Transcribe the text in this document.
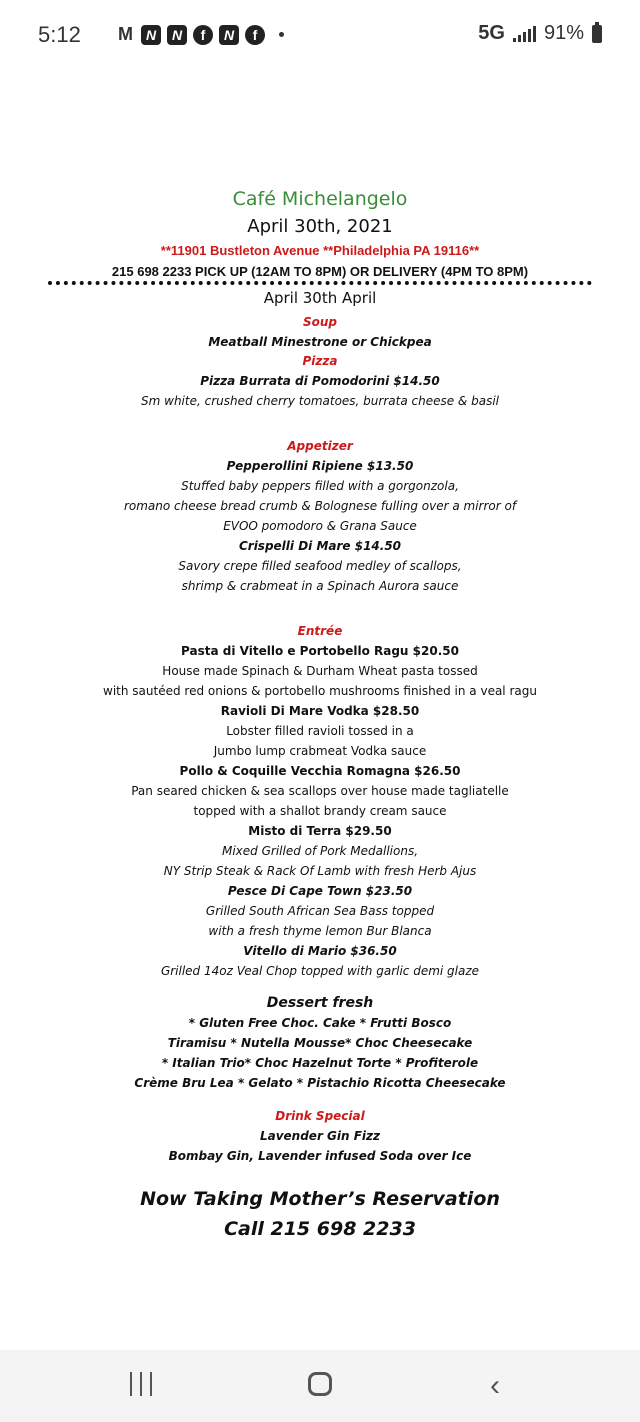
5:12 M N	N	f	N	f	5G 91%
Café Michelangelo
April 30th, 2021
**11901 Bustleton Avenue **Philadelphia PA 19116**
215 698 2233 PICK UP (12AM TO 8PM) OR DELIVERY (4PM TO 8PM)
April 30th April
Soup
Meatball Minestrone or Chickpea
Pizza
Pizza Burrata di Pomodorini $14.50
Sm white, crushed cherry tomatoes, burrata cheese & basil
Appetizer
Pepperollini Ripiene $13.50
Stuffed baby peppers filled with a gorgonzola,
romano cheese bread crumb & Bolognese fulling over a mirror of
EVOO pomodoro & Grana Sauce
Crispelli Di Mare $14.50
Savory crepe filled seafood medley of scallops,
shrimp & crabmeat in a Spinach Aurora sauce
Entrée
Pasta di Vitello e Portobello Ragu $20.50
House made Spinach & Durham Wheat pasta tossed
with sautéed red onions & portobello mushrooms finished in a veal ragu
Ravioli Di Mare Vodka $28.50
Lobster filled ravioli tossed in a
Jumbo lump crabmeat Vodka sauce
Pollo & Coquille Vecchia Romagna $26.50
Pan seared chicken & sea scallops over house made tagliatelle
topped with a shallot brandy cream sauce
Misto di Terra $29.50
Mixed Grilled of Pork Medallions,
NY Strip Steak & Rack Of Lamb with fresh Herb Ajus
Pesce Di Cape Town $23.50
Grilled South African Sea Bass topped
with a fresh thyme lemon Bur Blanca
Vitello di Mario $36.50
Grilled 14oz Veal Chop topped with garlic demi glaze
Dessert fresh
* Gluten Free Choc. Cake * Frutti Bosco
Tiramisu * Nutella Mousse* Choc Cheesecake
* Italian Trio* Choc Hazelnut Torte * Profiterole
Crème Bru Lea * Gelato * Pistachio Ricotta Cheesecake
Drink Special
Lavender Gin Fizz
Bombay Gin, Lavender infused Soda over Ice
Now Taking Mother’s Reservation
Call 215 698 2233
‹
